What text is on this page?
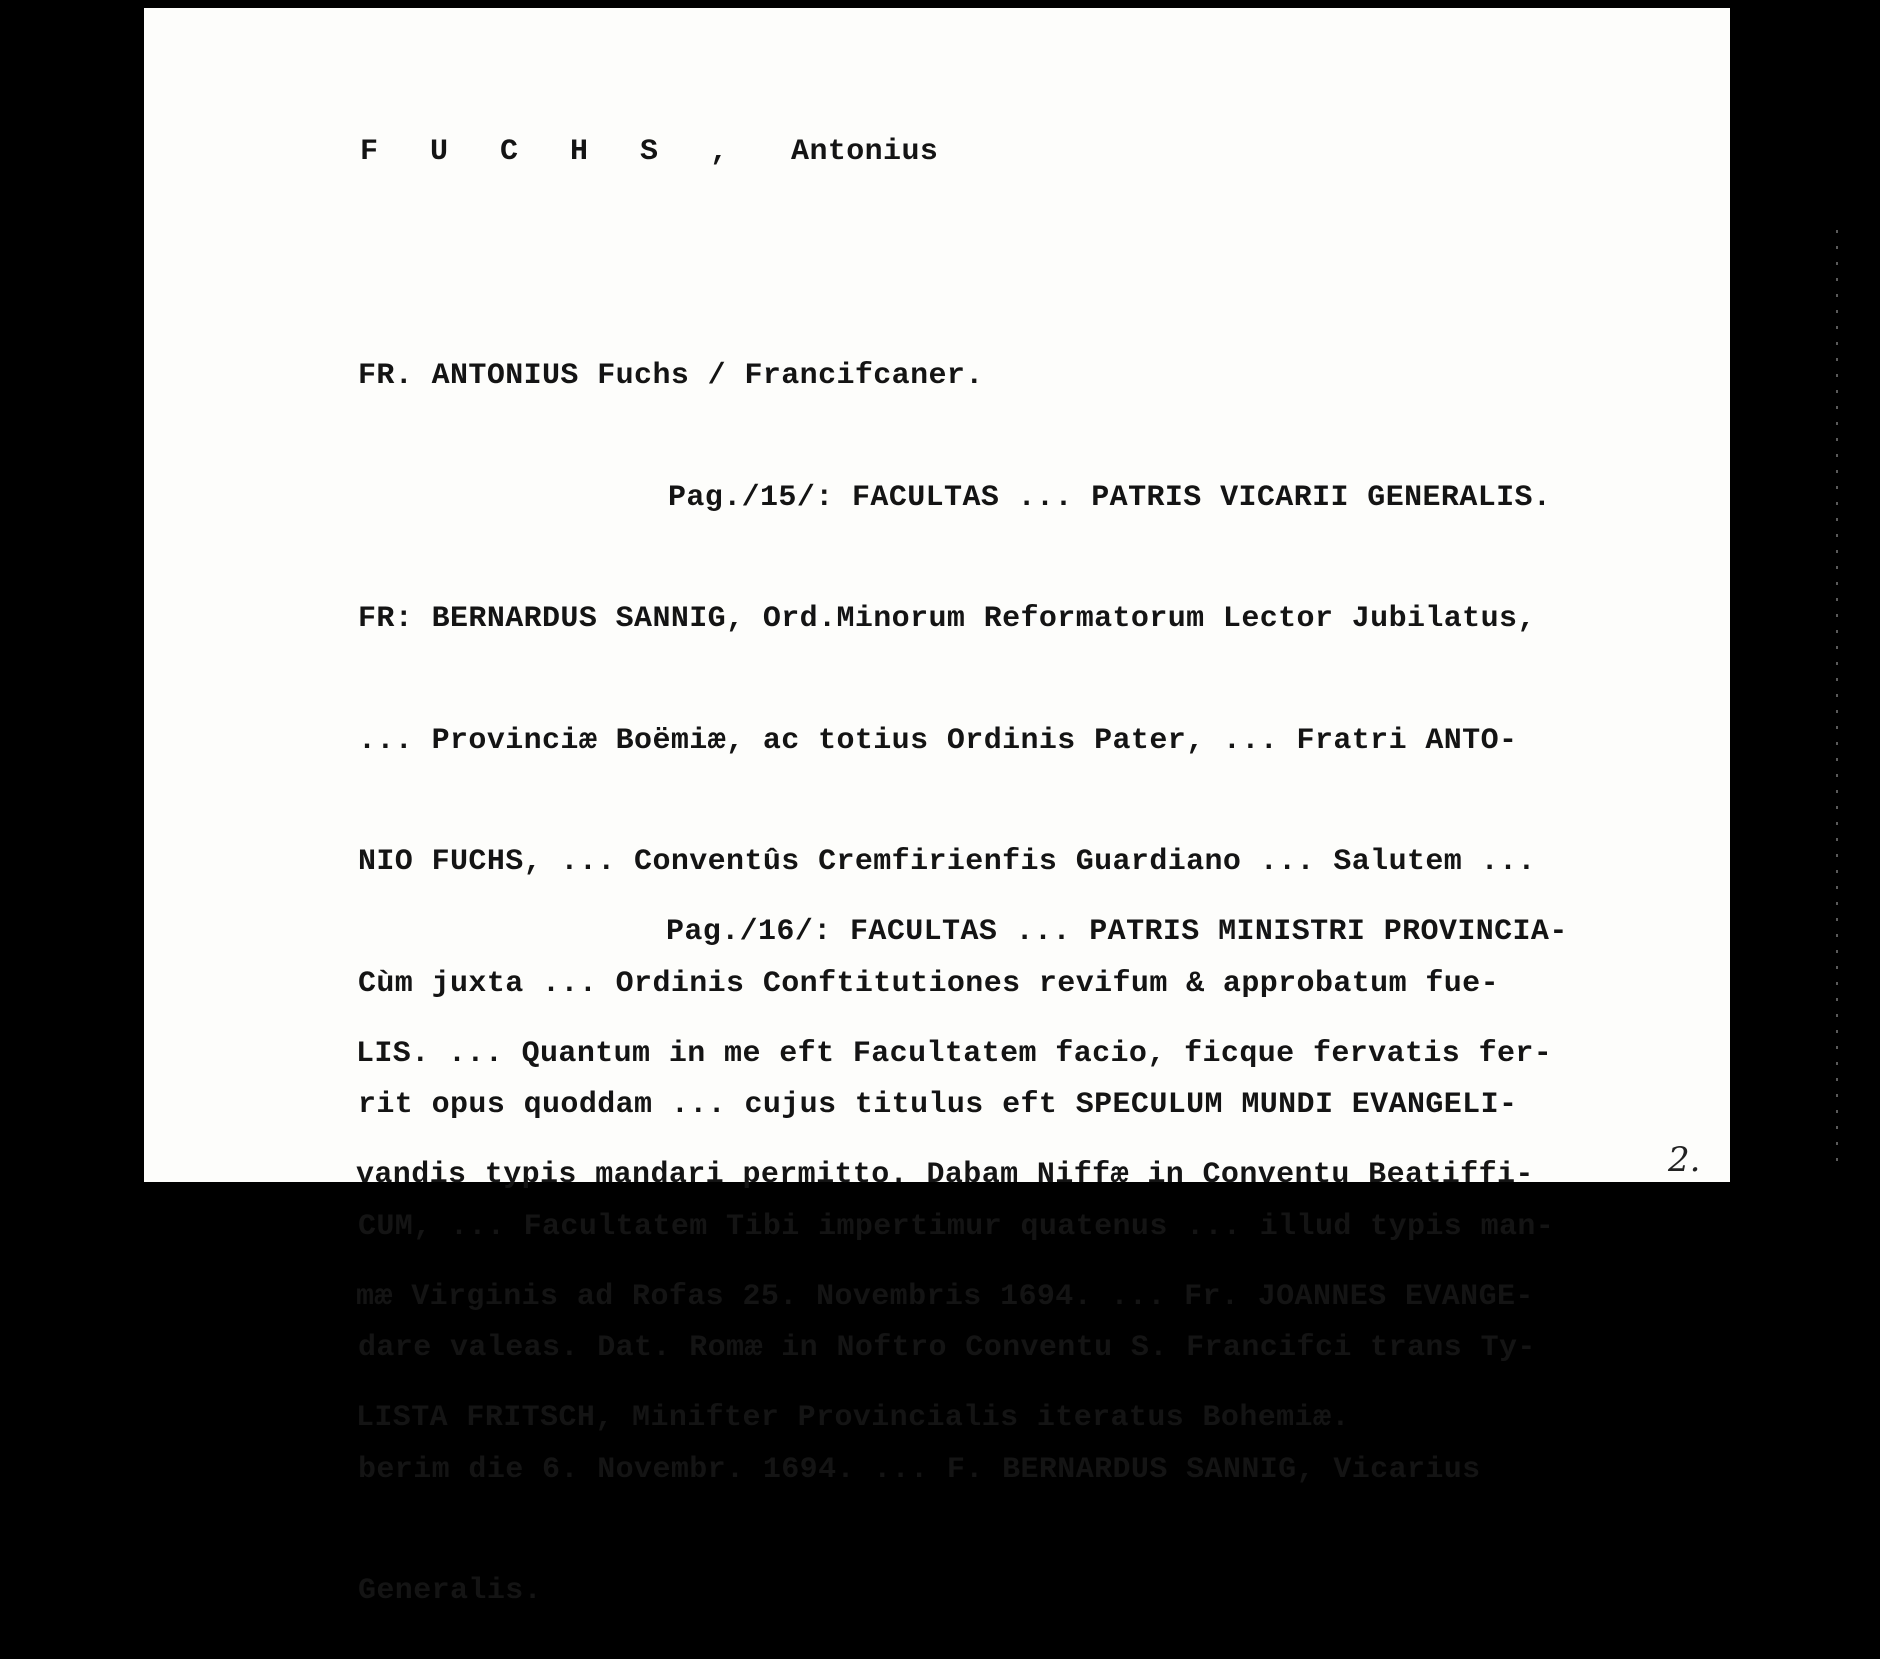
F U C H S , Antonius

FR. ANTONIUS Fuchs / Francifcaner.

Pag./15/: FACULTAS ... PATRIS VICARII GENERALIS.

FR: BERNARDUS SANNIG, Ord.Minorum Reformatorum Lector Jubilatus,

... Provinciæ Boëmiæ, ac totius Ordinis Pater, ... Fratri ANTO-

NIO FUCHS, ... Conventûs Cremfirienfis Guardiano ... Salutem ...

Cùm juxta ... Ordinis Conftitutiones revifum & approbatum fue-

rit opus quoddam ... cujus titulus eft SPECULUM MUNDI EVANGELI-

CUM, ... Facultatem Tibi impertimur quatenus ... illud typis man-

dare valeas. Dat. Romæ in Noftro Conventu S. Francifci trans Ty-

berim die 6. Novembr. 1694. ... F. BERNARDUS SANNIG, Vicarius

Generalis.

Pag./16/: FACULTAS ... PATRIS MINISTRI PROVINCIA-

LIS. ... Quantum in me eft Facultatem facio, ficque fervatis fer-

vandis typis mandari permitto. Dabam Niffæ in Conventu Beatiffi-

mæ Virginis ad Rofas 25. Novembris 1694. ... Fr. JOANNES EVANGE-

LISTA FRITSCH, Minifter Provincialis iteratus Bohemiæ.

2.
